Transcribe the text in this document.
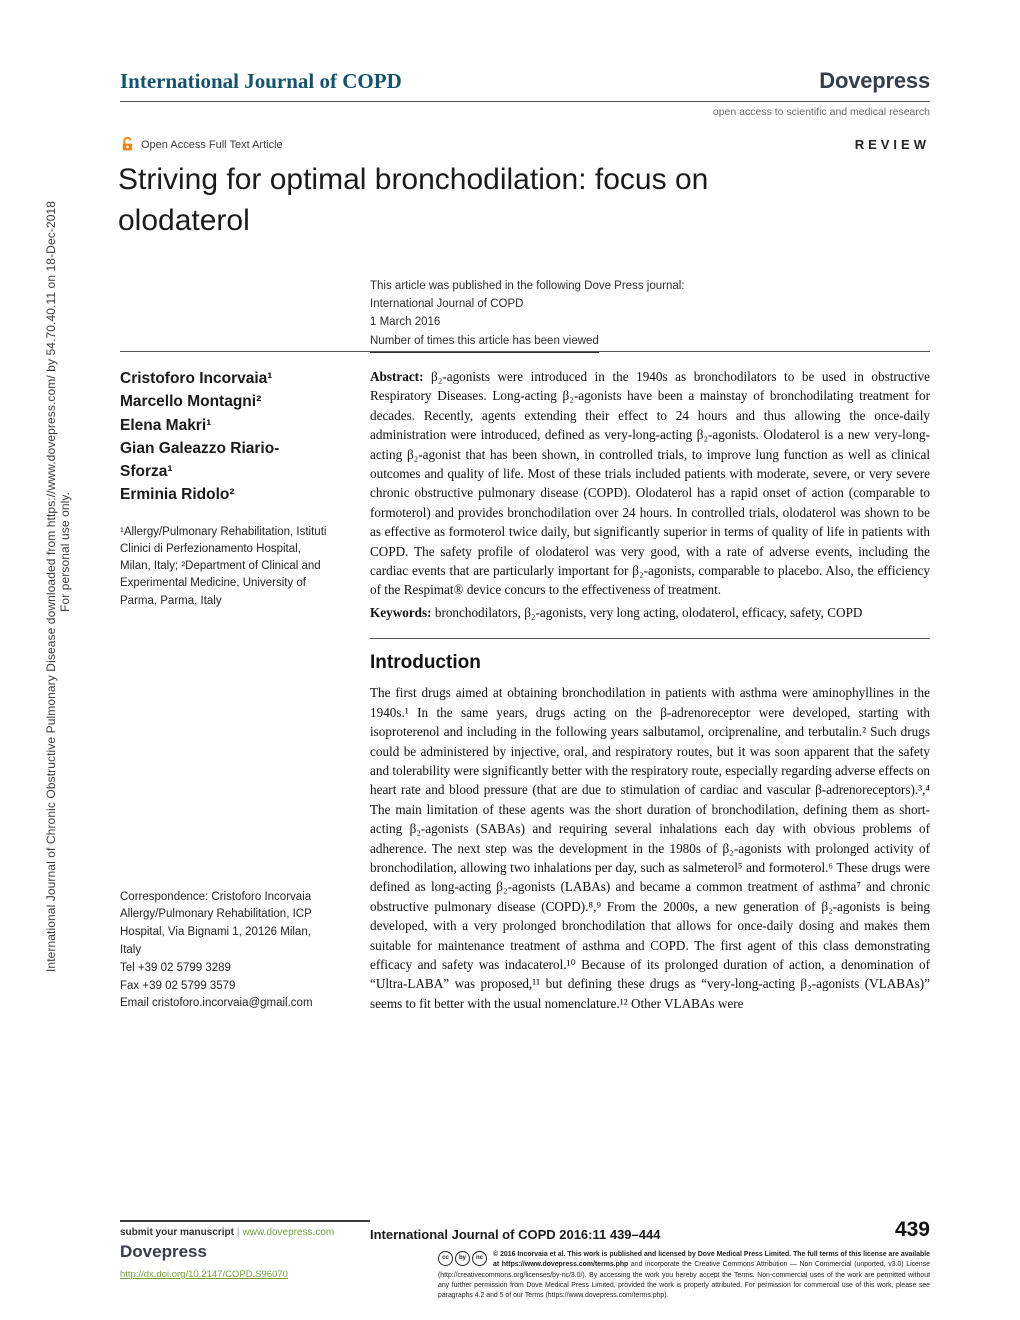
International Journal of Chronic Obstructive Pulmonary Disease downloaded from https://www.dovepress.com/ by 54.70.40.11 on 18-Dec-2018 For personal use only.
International Journal of COPD	Dovepress
open access to scientific and medical research
Open Access Full Text Article	REVIEW
Striving for optimal bronchodilation: focus on olodaterol
This article was published in the following Dove Press journal:
International Journal of COPD
1 March 2016
Number of times this article has been viewed
Cristoforo Incorvaia¹
Marcello Montagni²
Elena Makri¹
Gian Galeazzo Riario-Sforza¹
Erminia Ridolo²
¹Allergy/Pulmonary Rehabilitation, Istituti Clinici di Perfezionamento Hospital, Milan, Italy; ²Department of Clinical and Experimental Medicine, University of Parma, Parma, Italy
Correspondence: Cristoforo Incorvaia
Allergy/Pulmonary Rehabilitation, ICP
Hospital, Via Bignami 1, 20126 Milan, Italy
Tel +39 02 5799 3289
Fax +39 02 5799 3579
Email cristoforo.incorvaia@gmail.com

Abstract: β₂-agonists were introduced in the 1940s as bronchodilators to be used in obstructive Respiratory Diseases. Long-acting β₂-agonists have been a mainstay of bronchodilating treatment for decades. Recently, agents extending their effect to 24 hours and thus allowing the once-daily administration were introduced, defined as very-long-acting β₂-agonists. Olodaterol is a new very-long-acting β₂-agonist that has been shown, in controlled trials, to improve lung function as well as clinical outcomes and quality of life. Most of these trials included patients with moderate, severe, or very severe chronic obstructive pulmonary disease (COPD). Olodaterol has a rapid onset of action (comparable to formoterol) and provides bronchodilation over 24 hours. In controlled trials, olodaterol was shown to be as effective as formoterol twice daily, but significantly superior in terms of quality of life in patients with COPD. The safety profile of olodaterol was very good, with a rate of adverse events, including the cardiac events that are particularly important for β₂-agonists, comparable to placebo. Also, the efficiency of the Respimat® device concurs to the effectiveness of treatment.

Keywords: bronchodilators, β₂-agonists, very long acting, olodaterol, efficacy, safety, COPD

Introduction

The first drugs aimed at obtaining bronchodilation in patients with asthma were aminophyllines in the 1940s.¹ In the same years, drugs acting on the β-adrenoreceptor were developed, starting with isoproterenol and including in the following years salbutamol, orciprenaline, and terbutalin.² Such drugs could be administered by injective, oral, and respiratory routes, but it was soon apparent that the safety and tolerability were significantly better with the respiratory route, especially regarding adverse effects on heart rate and blood pressure (that are due to stimulation of cardiac and vascular β-adrenoreceptors).³,⁴ The main limitation of these agents was the short duration of bronchodilation, defining them as short-acting β₂-agonists (SABAs) and requiring several inhalations each day with obvious problems of adherence. The next step was the development in the 1980s of β₂-agonists with prolonged activity of bronchodilation, allowing two inhalations per day, such as salmeterol⁵ and formoterol.⁶ These drugs were defined as long-acting β₂-agonists (LABAs) and became a common treatment of asthma⁷ and chronic obstructive pulmonary disease (COPD).⁸,⁹ From the 2000s, a new generation of β₂-agonists is being developed, with a very prolonged bronchodilation that allows for once-daily dosing and makes them suitable for maintenance treatment of asthma and COPD. The first agent of this class demonstrating efficacy and safety was indacaterol.¹⁰ Because of its prolonged duration of action, a denomination of “Ultra-LABA” was proposed,¹¹ but defining these drugs as “very-long-acting β₂-agonists (VLABAs)” seems to fit better with the usual nomenclature.¹² Other VLABAs were

submit your manuscript | www.dovepress.com
Dovepress
http://dx.doi.org/10.2147/COPD.S96070
International Journal of COPD 2016:11 439–444	439
cc	by	nc	© 2016 Incorvaia et al. This work is published and licensed by Dove Medical Press Limited. The full terms of this license are available at https://www.dovepress.com/terms.php and incorporate the Creative Commons Attribution — Non Commercial (unported, v3.0) License (http://creativecommons.org/licenses/by-nc/3.0/). By accessing the work you hereby accept the Terms. Non-commercial uses of the work are permitted without any further permission from Dove Medical Press Limited, provided the work is properly attributed. For permission for commercial use of this work, please see paragraphs 4.2 and 5 of our Terms (https://www.dovepress.com/terms.php).
